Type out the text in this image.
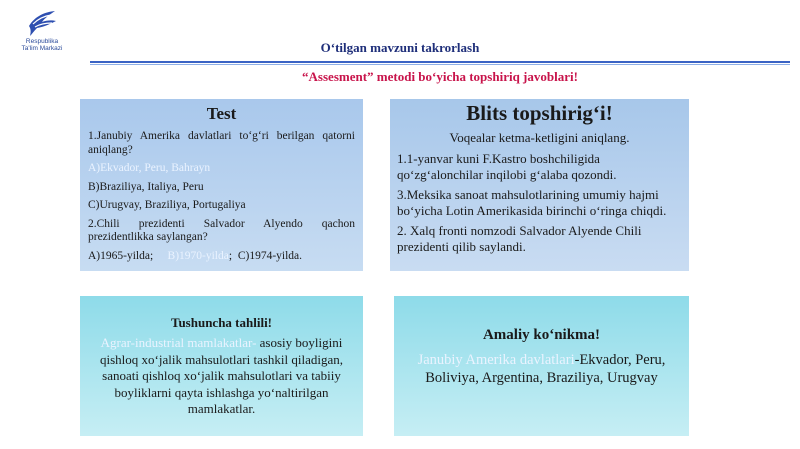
Respublika
Ta'lim Markazi	O‘tilgan mavzuni takrorlash
“Assesment” metodi bo‘yicha topshiriq javoblari!
Test

1.Janubiy Amerika davlatlari to‘g‘ri berilgan qatorni aniqlang?

A)Ekvador, Peru, Bahrayn

B)Braziliya, Italiya, Peru

C)Urugvay, Braziliya, Portugaliya

2.Chili prezidenti Salvador Alyendo qachon prezidentlikka saylangan?

A)1965-yilda; B)1970-yilda; C)1974-yilda.

Blits topshirig‘i!
Voqealar ketma-ketligini aniqlang.

1.1-yanvar kuni F.Kastro boshchiligida qo‘zg‘alonchilar inqilobi g‘alaba qozondi.

3.Meksika sanoat mahsulotlarining umumiy hajmi bo‘yicha Lotin Amerikasida birinchi o‘ringa chiqdi.

2. Xalq fronti nomzodi Salvador Alyende Chili prezidenti qilib saylandi.

Tushuncha tahlili!
Agrar-industrial mamlakatlar- asosiy boyligini qishloq xo‘jalik mahsulotlari tashkil qiladigan, sanoati qishloq xo‘jalik mahsulotlari va tabiiy boyliklarni qayta ishlashga yo‘naltirilgan mamlakatlar.
Amaliy ko‘nikma!
Janubiy Amerika davlatlari-Ekvador, Peru, Boliviya, Argentina, Braziliya, Urugvay
